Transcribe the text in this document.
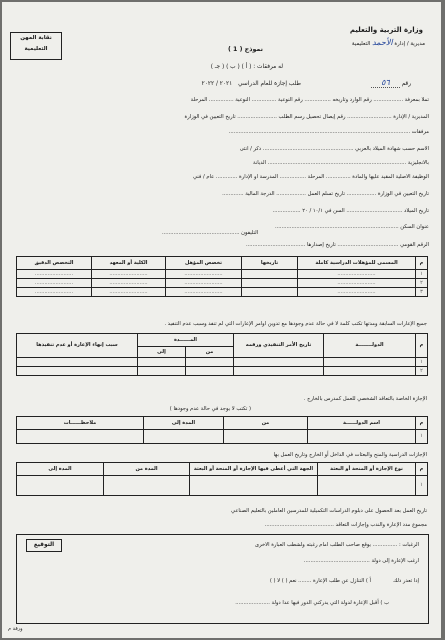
وزارة التربية والتعليم
مديرية / إدارة الأحمد التعليمية
نموذج ( 1 )
له مرفقات : ( أ ) ( ب ) ( جـ )
طلب إجازة للعام الدراسي ٢٠٢١ / ٢٠٢٢	رقم ٥٦
نقابة المهن
التعليمية
تملأ بمعرفة .................. رقم الوارد وتاريخه ................ رقم النوعية ............... النوعية ............... المرحلة
المديرية / الإدارة ........................... رقم إيصال تحصيل رسم الطلب ........................ تاريخ التعيين في الوزارة
مرفقات ..............................................................................................................
الاسم حسب شهادة الميلاد بالعربي ....................................................... ذكر / أنثى
بالانجليزية .................................................................................... الديانة
الوظيفة الأصلية المقيد عليها والمادة ............... المرحلة ................ المدرسة أو الإدارة ............. عام / فني
تاريخ التعيين في الوزارة .................. تاريخ تسلم العمل .................. الدرجة المالية .............
تاريخ الميلاد .................................. السن في ١٠/١ / ٢٠ .................
عنوان السكن ...........................................................................
التليفون ...............................................
الرقم القومي ..................................... تاريخ إصدارها ....................................
م	المسمى للمؤهلات الدراسية كاملة	تاريخها	تخصص المؤهل	الكلية أو المعهد	التخصص الدقيق
١	........................		........................	........................	........................
٢	........................		........................	........................	........................
٣	........................		........................	........................	........................
جميع الإعارات السابقة ومدتها تكتب كلمة لا في حالة عدم وجودها مع تدوين أوامر الإعارات التي لم تنفذ وسبب عدم التنفيذ .
م	الدولــــــــة	تاريخ الأمر التنفيذي ورقمه	المــــــدة		سبب إنهاء الإعارة أو عدم تنفيذها
			من	إلى	
١					
٢					
الإجازة الخاصة بالتعاقد الشخصي للعمل كمدرس بالخارج .
( تكتب لا يوجد في حالة عدم وجودها )
م	اسم الدولــــــة	من	المدة إلى	ملاحظــــــات
١				
الإجازات الدراسية والمنح والبعثات في الداخل أو الخارج وتاريخ العمل بها
م	نوع الإجازة أو المنحة أو البعثة	الجهة التي أعطى فيها الإجازة أو المنحة أو البعثة	المدة من	المدة إلى
١				
تاريخ العمل بعد الحصول على دبلوم الدراسات التكميلية للمدرسين العاملين بالتعليم الصناعي
مجموع مدد الإعارة والندب وإجازات التعاقد ..........................................
التوقيع	الرغبات : ............... يوقع صاحب الطلب امام رغبته ولشطب العبارة الاخرى
ارغب الإعارة إلى دولة ........................................
إذا تعذر ذلك
أ ) التنازل عن طلب الإعارة ........ نعم ( ) لا ( )
ب ) أقبل الإعارة لدولة التي يدركني الدور فيها عدا دولة .....................
ورقة م
